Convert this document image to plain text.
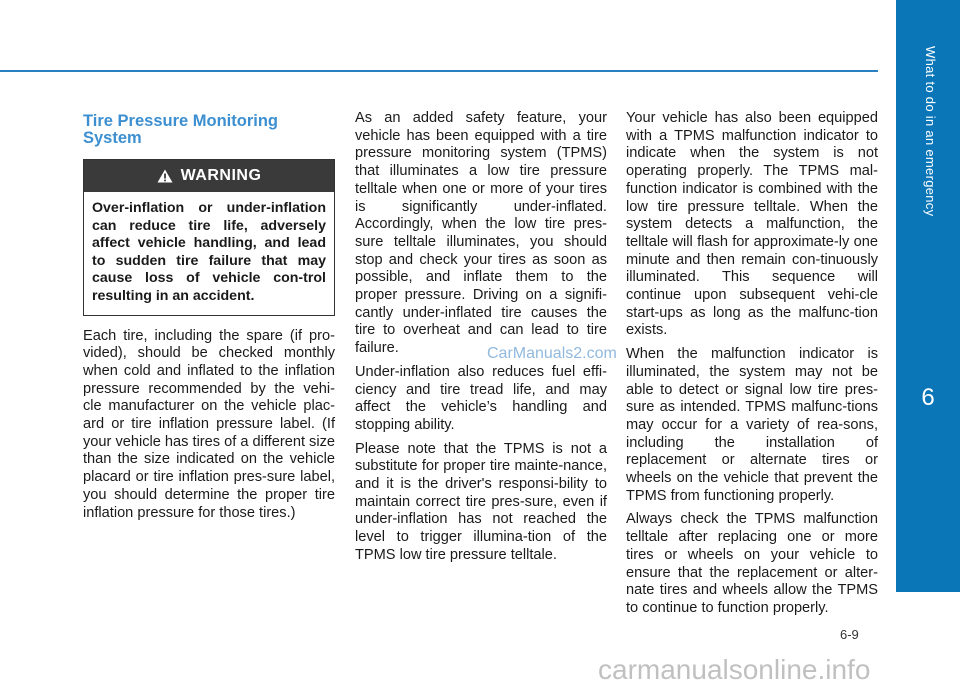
What to do in an emergency
6
Tire Pressure Monitoring
System
WARNING
Over-inflation or under-inflation can reduce tire life, adversely affect vehicle handling, and lead to sudden tire failure that may cause loss of vehicle con-trol resulting in an accident.

Each tire, including the spare (if pro-vided), should be checked monthly when cold and inflated to the inflation pressure recommended by the vehi-cle manufacturer on the vehicle plac-ard or tire inflation pressure label. (If your vehicle has tires of a different size than the size indicated on the vehicle placard or tire inflation pres-sure label, you should determine the proper tire inflation pressure for those tires.)

As an added safety feature, your vehicle has been equipped with a tire pressure monitoring system (TPMS) that illuminates a low tire pressure telltale when one or more of your tires is significantly under-inflated. Accordingly, when the low tire pres-sure telltale illuminates, you should stop and check your tires as soon as possible, and inflate them to the proper pressure. Driving on a signifi-cantly under-inflated tire causes the tire to overheat and can lead to tire failure.

Under-inflation also reduces fuel effi-ciency and tire tread life, and may affect the vehicle’s handling and stopping ability.

Please note that the TPMS is not a substitute for proper tire mainte-nance, and it is the driver's responsi-bility to maintain correct tire pres-sure, even if under-inflation has not reached the level to trigger illumina-tion of the TPMS low tire pressure telltale.

Your vehicle has also been equipped with a TPMS malfunction indicator to indicate when the system is not operating properly. The TPMS mal-function indicator is combined with the low tire pressure telltale. When the system detects a malfunction, the telltale will flash for approximate-ly one minute and then remain con-tinuously illuminated. This sequence will continue upon subsequent vehi-cle start-ups as long as the malfunc-tion exists.

When the malfunction indicator is illuminated, the system may not be able to detect or signal low tire pres-sure as intended. TPMS malfunc-tions may occur for a variety of rea-sons, including the installation of replacement or alternate tires or wheels on the vehicle that prevent the TPMS from functioning properly.

Always check the TPMS malfunction telltale after replacing one or more tires or wheels on your vehicle to ensure that the replacement or alter-nate tires and wheels allow the TPMS to continue to function properly.

6-9
CarManuals2.com
carmanualsonline.info
